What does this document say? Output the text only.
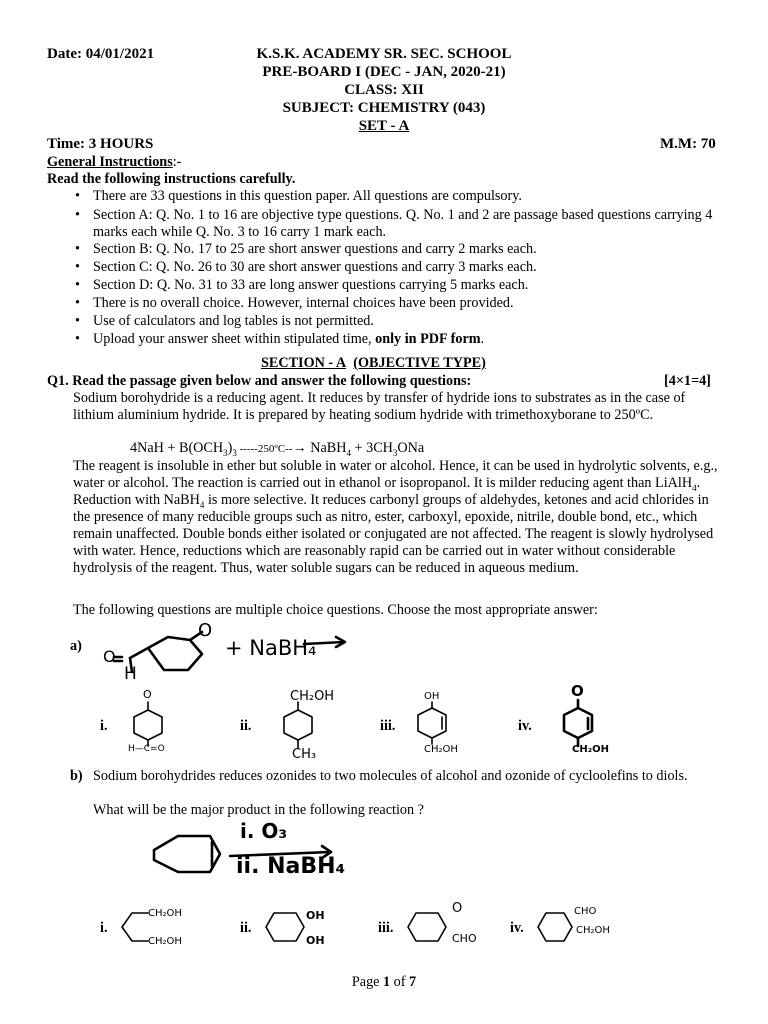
Date: 04/01/2021	K.S.K. ACADEMY SR. SEC. SCHOOL
PRE-BOARD I (DEC - JAN, 2020-21)
CLASS: XII
SUBJECT: CHEMISTRY (043)
SET - A
Time: 3 HOURS	M.M: 70
General Instructions:-
Read the following instructions carefully.
• There are 33 questions in this question paper. All questions are compulsory.
• Section A: Q. No. 1 to 16 are objective type questions. Q. No. 1 and 2 are passage based questions carrying 4 marks each while Q. No. 3 to 16 carry 1 mark each.
• Section B: Q. No. 17 to 25 are short answer questions and carry 2 marks each.
• Section C: Q. No. 26 to 30 are short answer questions and carry 3 marks each.
• Section D: Q. No. 31 to 33 are long answer questions carrying 5 marks each.
• There is no overall choice. However, internal choices have been provided.
• Use of calculators and log tables is not permitted.
• Upload your answer sheet within stipulated time, only in PDF form.
SECTION - A (OBJECTIVE TYPE)
Q1. Read the passage given below and answer the following questions:	[4×1=4]
Sodium borohydride is a reducing agent. It reduces by transfer of hydride ions to substrates as in the case of lithium aluminium hydride. It is prepared by heating sodium hydride with trimethoxyborane to 250ºC.
$4NaH + B(OCH_3)_3$ -----250ºC--→ NaBH$_4$ + $3CH_3ONa$
The reagent is insoluble in ether but soluble in water or alcohol. Hence, it can be used in hydrolytic solvents, e.g., water or alcohol. The reaction is carried out in ethanol or isopropanol. It is milder reducing agent than LiAlH$_4$. Reduction with NaBH$_4$ is more selective. It reduces carbonyl groups of aldehydes, ketones and acid chlorides in the presence of many reducible groups such as nitro, ester, carboxyl, epoxide, nitrile, double bond, etc., which remain unaffected. Double bonds either isolated or conjugated are not affected. The reagent is slowly hydrolysed with water. Hence, reductions which are reasonably rapid can be carried out in water without considerable hydrolysis of the reagent. Thus, water soluble sugars can be reduced in aqueous medium.
The following questions are multiple choice questions. Choose the most appropriate answer:
a)
O
O
H
+ NaBH₄
i.
O
H—C=O
ii.
CH₂OH
CH₃
iii.
OH
CH₂OH
iv.
O
CH₂OH
b) Sodium borohydrides reduces ozonides to two molecules of alcohol and ozonide of cycloolefins to diols.
What will be the major product in the following reaction ?
i. O₃
ii. NaBH₄
i.
CH₂OH
CH₂OH
ii.
OH
OH
iii.
O
CHO
iv.
CHO
CH₂OH
Page 1 of 7
